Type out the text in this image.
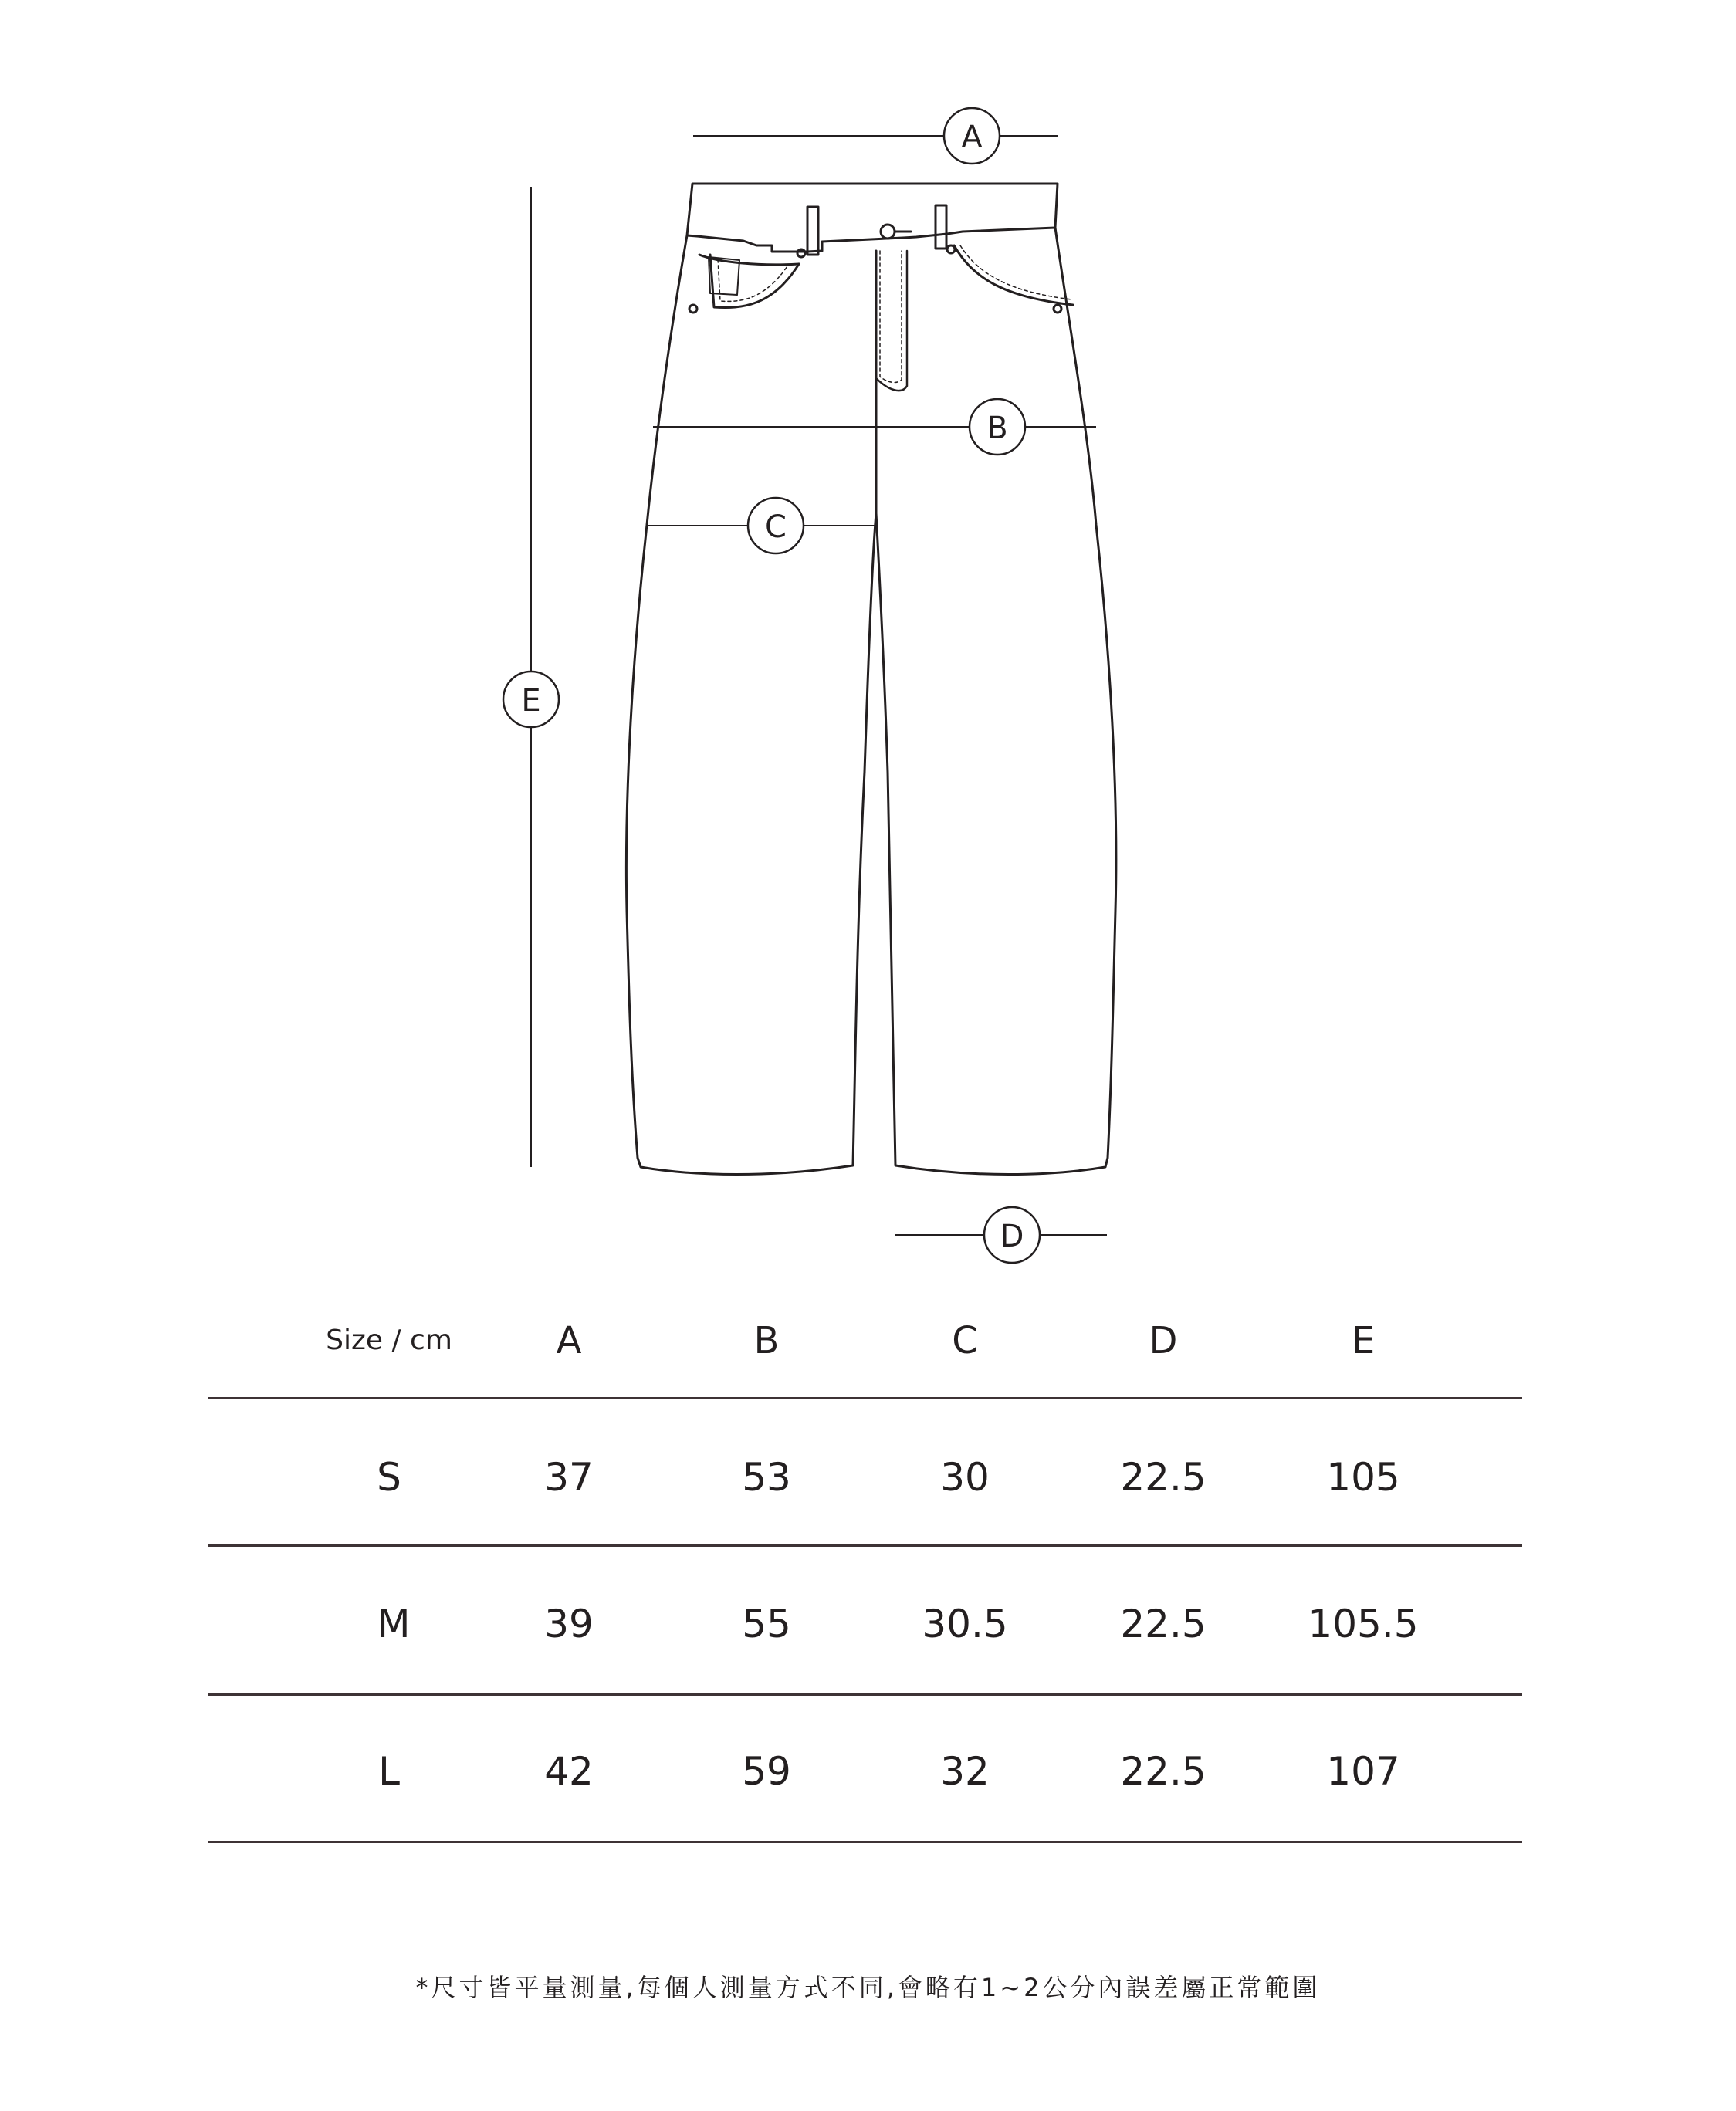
A
B
C
D
E
Size / cm	A	B	C	D	E
S	37	53	30	22.5	105
M	39	55	30.5	22.5	105.5
L	42	59	32	22.5	107
*尺寸皆平量測量,每個人測量方式不同,會略有1~2公分內誤差屬正常範圍
